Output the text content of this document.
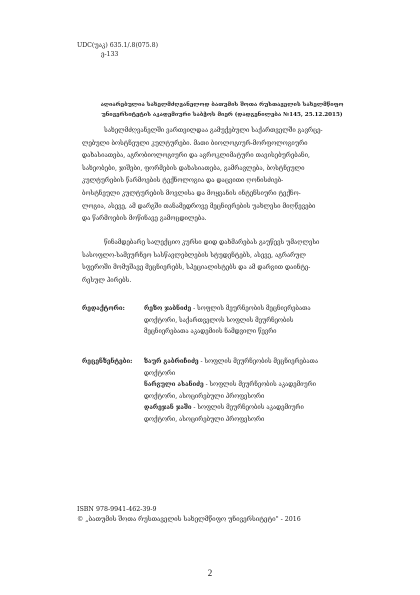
UDC(უაკ) 635.1/.8(075.8)
ე-133
აღიარებულია სახელმძღვანელოდ ბათუმის შოთა რუსთაველის სახელმწიფო
უნივერსიტეტის აკადემიური საბჭოს მიერ (დადგენილება №145, 25.12.2015)
სახელმძღვანელში ვართვილდაა გამუქებული საქართველში გავრცე-
ლებული ბოსტნეული კულტურები. მათი ბიოლოგიურ-მორფოლოგიური
დახასიათება, აგრობიოლოგიური და აგროკლიმატური თავისებურებანი,
სახეობები, ჯიშები, ფორმების დახასიათება, გამრავლება, ბოსტნეული
კულტურების წარმოების ტექნოლოგია და დაცვითი ღონისძიებ-
ბოსტნეული კულტურების მოვლისა და მოყვანის ინტენსიური ტექნო-
ლოგია, ასევე, ამ დარგში თანამედროვე მეცნიერების უახლესი მიღწევები
და წარმოების მოწინავე გამოცდილება.
წინამდებარე სალექციო კურსი დიდ დახმარებას გაუწევს უმაღლესი
სასოფლო-სამეურნეო სასწავლებლების სტუდენტებს, ასევე, აგრარულ
სფეროში მომუშავე მეცნიერებს, სპეციალისტებს და ამ დარგით დაინტე-
რესულ პირებს.
რედაქტორი:	რეზო ჯაბნიძე - სოფლის მეურნეობის მეცნიერებათა
დოქტორი, საქართველოს სოფლის მეურნეობის
მეცნიერებათა აკადემიის ნამდვილი წევრი
რეცენზენტები: ზაურ გაბრიჩიძე - სოფლის მეურნეობის მეცნიერებათა
დოქტორი
ნარგული ასანიძე - სოფლის მეურნეობის აკადემიური
დოქტორი, ასოცირებული პროფესორი
დარეჯან ჯაში - სოფლის მეურნეობის აკადემიური
დოქტორი, ასოცირებული პროფესორი
ISBN 978-9941-462-39-9
© „ბათუმის შოთა რუსთაველის სახელმწიფო უნივერსიტეტი" - 2016
2
